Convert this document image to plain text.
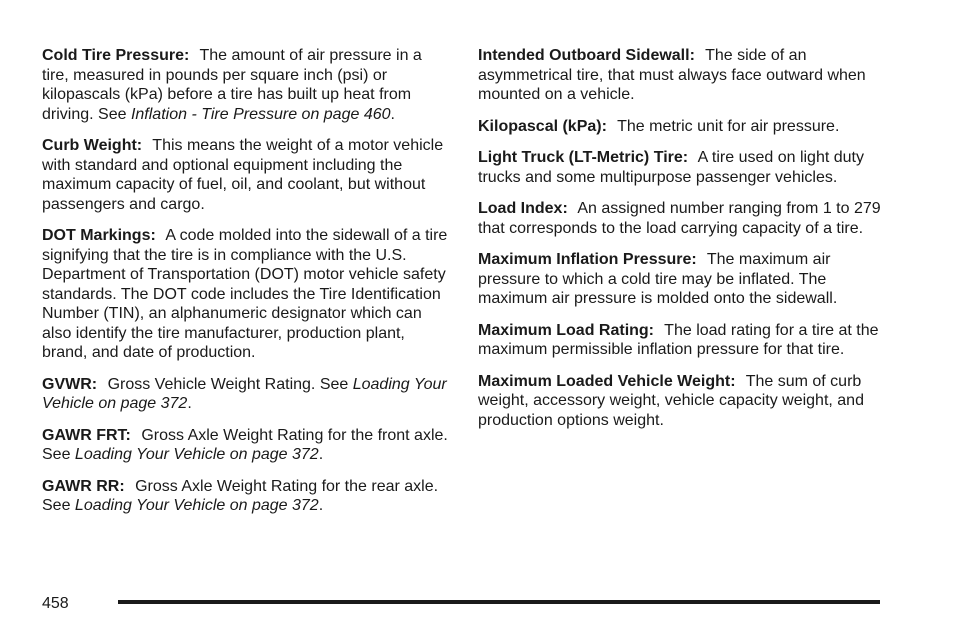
Cold Tire Pressure: The amount of air pressure in a tire, measured in pounds per square inch (psi) or kilopascals (kPa) before a tire has built up heat from driving. See Inflation - Tire Pressure on page 460.

Curb Weight: This means the weight of a motor vehicle with standard and optional equipment including the maximum capacity of fuel, oil, and coolant, but without passengers and cargo.

DOT Markings: A code molded into the sidewall of a tire signifying that the tire is in compliance with the U.S. Department of Transportation (DOT) motor vehicle safety standards. The DOT code includes the Tire Identification Number (TIN), an alphanumeric designator which can also identify the tire manufacturer, production plant, brand, and date of production.

GVWR: Gross Vehicle Weight Rating. See Loading Your Vehicle on page 372.

GAWR FRT: Gross Axle Weight Rating for the front axle. See Loading Your Vehicle on page 372.

GAWR RR: Gross Axle Weight Rating for the rear axle. See Loading Your Vehicle on page 372.

Intended Outboard Sidewall: The side of an asymmetrical tire, that must always face outward when mounted on a vehicle.

Kilopascal (kPa): The metric unit for air pressure.

Light Truck (LT-Metric) Tire: A tire used on light duty trucks and some multipurpose passenger vehicles.

Load Index: An assigned number ranging from 1 to 279 that corresponds to the load carrying capacity of a tire.

Maximum Inflation Pressure: The maximum air pressure to which a cold tire may be inflated. The maximum air pressure is molded onto the sidewall.

Maximum Load Rating: The load rating for a tire at the maximum permissible inflation pressure for that tire.

Maximum Loaded Vehicle Weight: The sum of curb weight, accessory weight, vehicle capacity weight, and production options weight.

458
